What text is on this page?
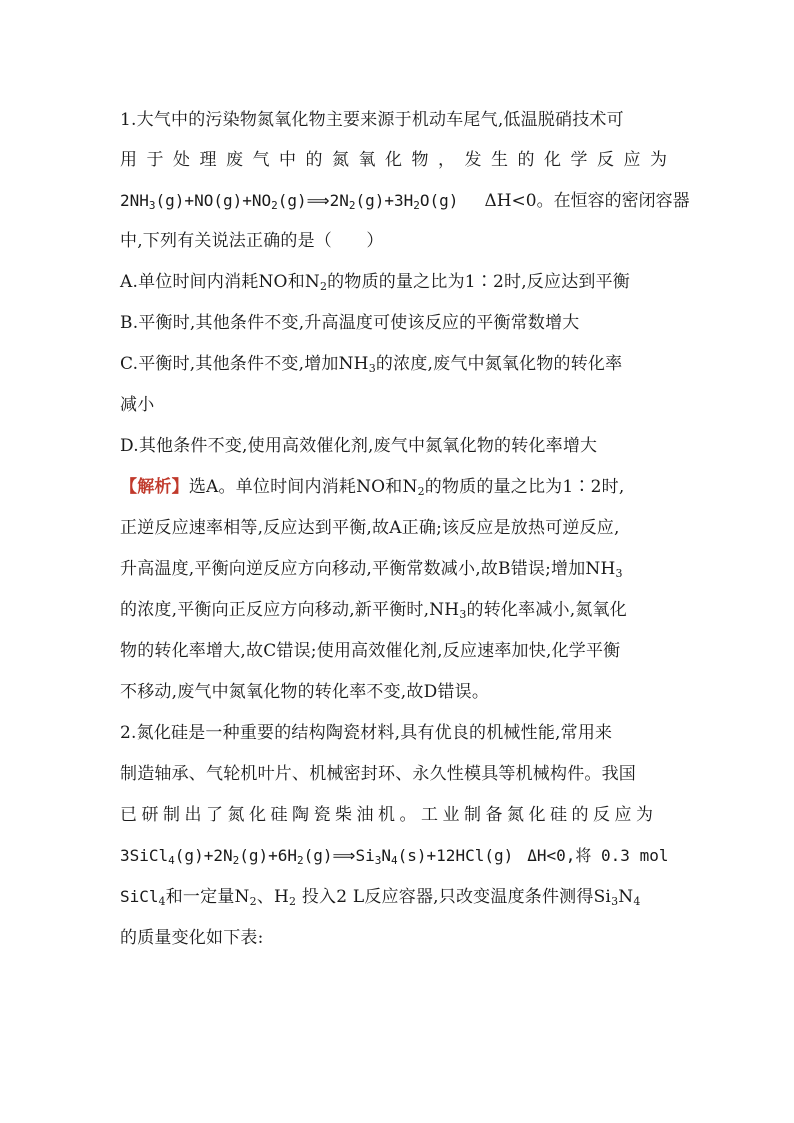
1.大气中的污染物氮氧化物主要来源于机动车尾气,低温脱硝技术可
用于处理废气中的氮氧化物，发生的化学反应为
$2NH_3(g)+NO(g)+NO_2(g)⟹2N_2(g)+3H_2O(g)$ ΔH<0。在恒容的密闭容器
中,下列有关说法正确的是（　　）
A.单位时间内消耗NO和$N_2$的物质的量之比为1∶2时,反应达到平衡
B.平衡时,其他条件不变,升高温度可使该反应的平衡常数增大
C.平衡时,其他条件不变,增加$NH_3$的浓度,废气中氮氧化物的转化率
减小
D.其他条件不变,使用高效催化剂,废气中氮氧化物的转化率增大
【解析】选A。单位时间内消耗NO和$N_2$的物质的量之比为1∶2时,
正逆反应速率相等,反应达到平衡,故A正确;该反应是放热可逆反应,
升高温度,平衡向逆反应方向移动,平衡常数减小,故B错误;增加$NH_3$
的浓度,平衡向正反应方向移动,新平衡时$,NH_3$的转化率减小,氮氧化
物的转化率增大,故C错误;使用高效催化剂,反应速率加快,化学平衡
不移动,废气中氮氧化物的转化率不变,故D错误。
2.氮化硅是一种重要的结构陶瓷材料,具有优良的机械性能,常用来
制造轴承、气轮机叶片、机械密封环、永久性模具等机械构件。我国
已研制出了氮化硅陶瓷柴油机。工业制备氮化硅的反应为
$3SiCl_4(g)+2N_2(g)+6H_2(g)⟹Si_3N_4(s)+12HCl(g)$ ΔH<0,将 0.3 mol
SiCl$_4$和一定量$N_2$、$H_2$ 投入2 L反应容器,只改变温度条件测得$Si_3N_4$
的质量变化如下表:
